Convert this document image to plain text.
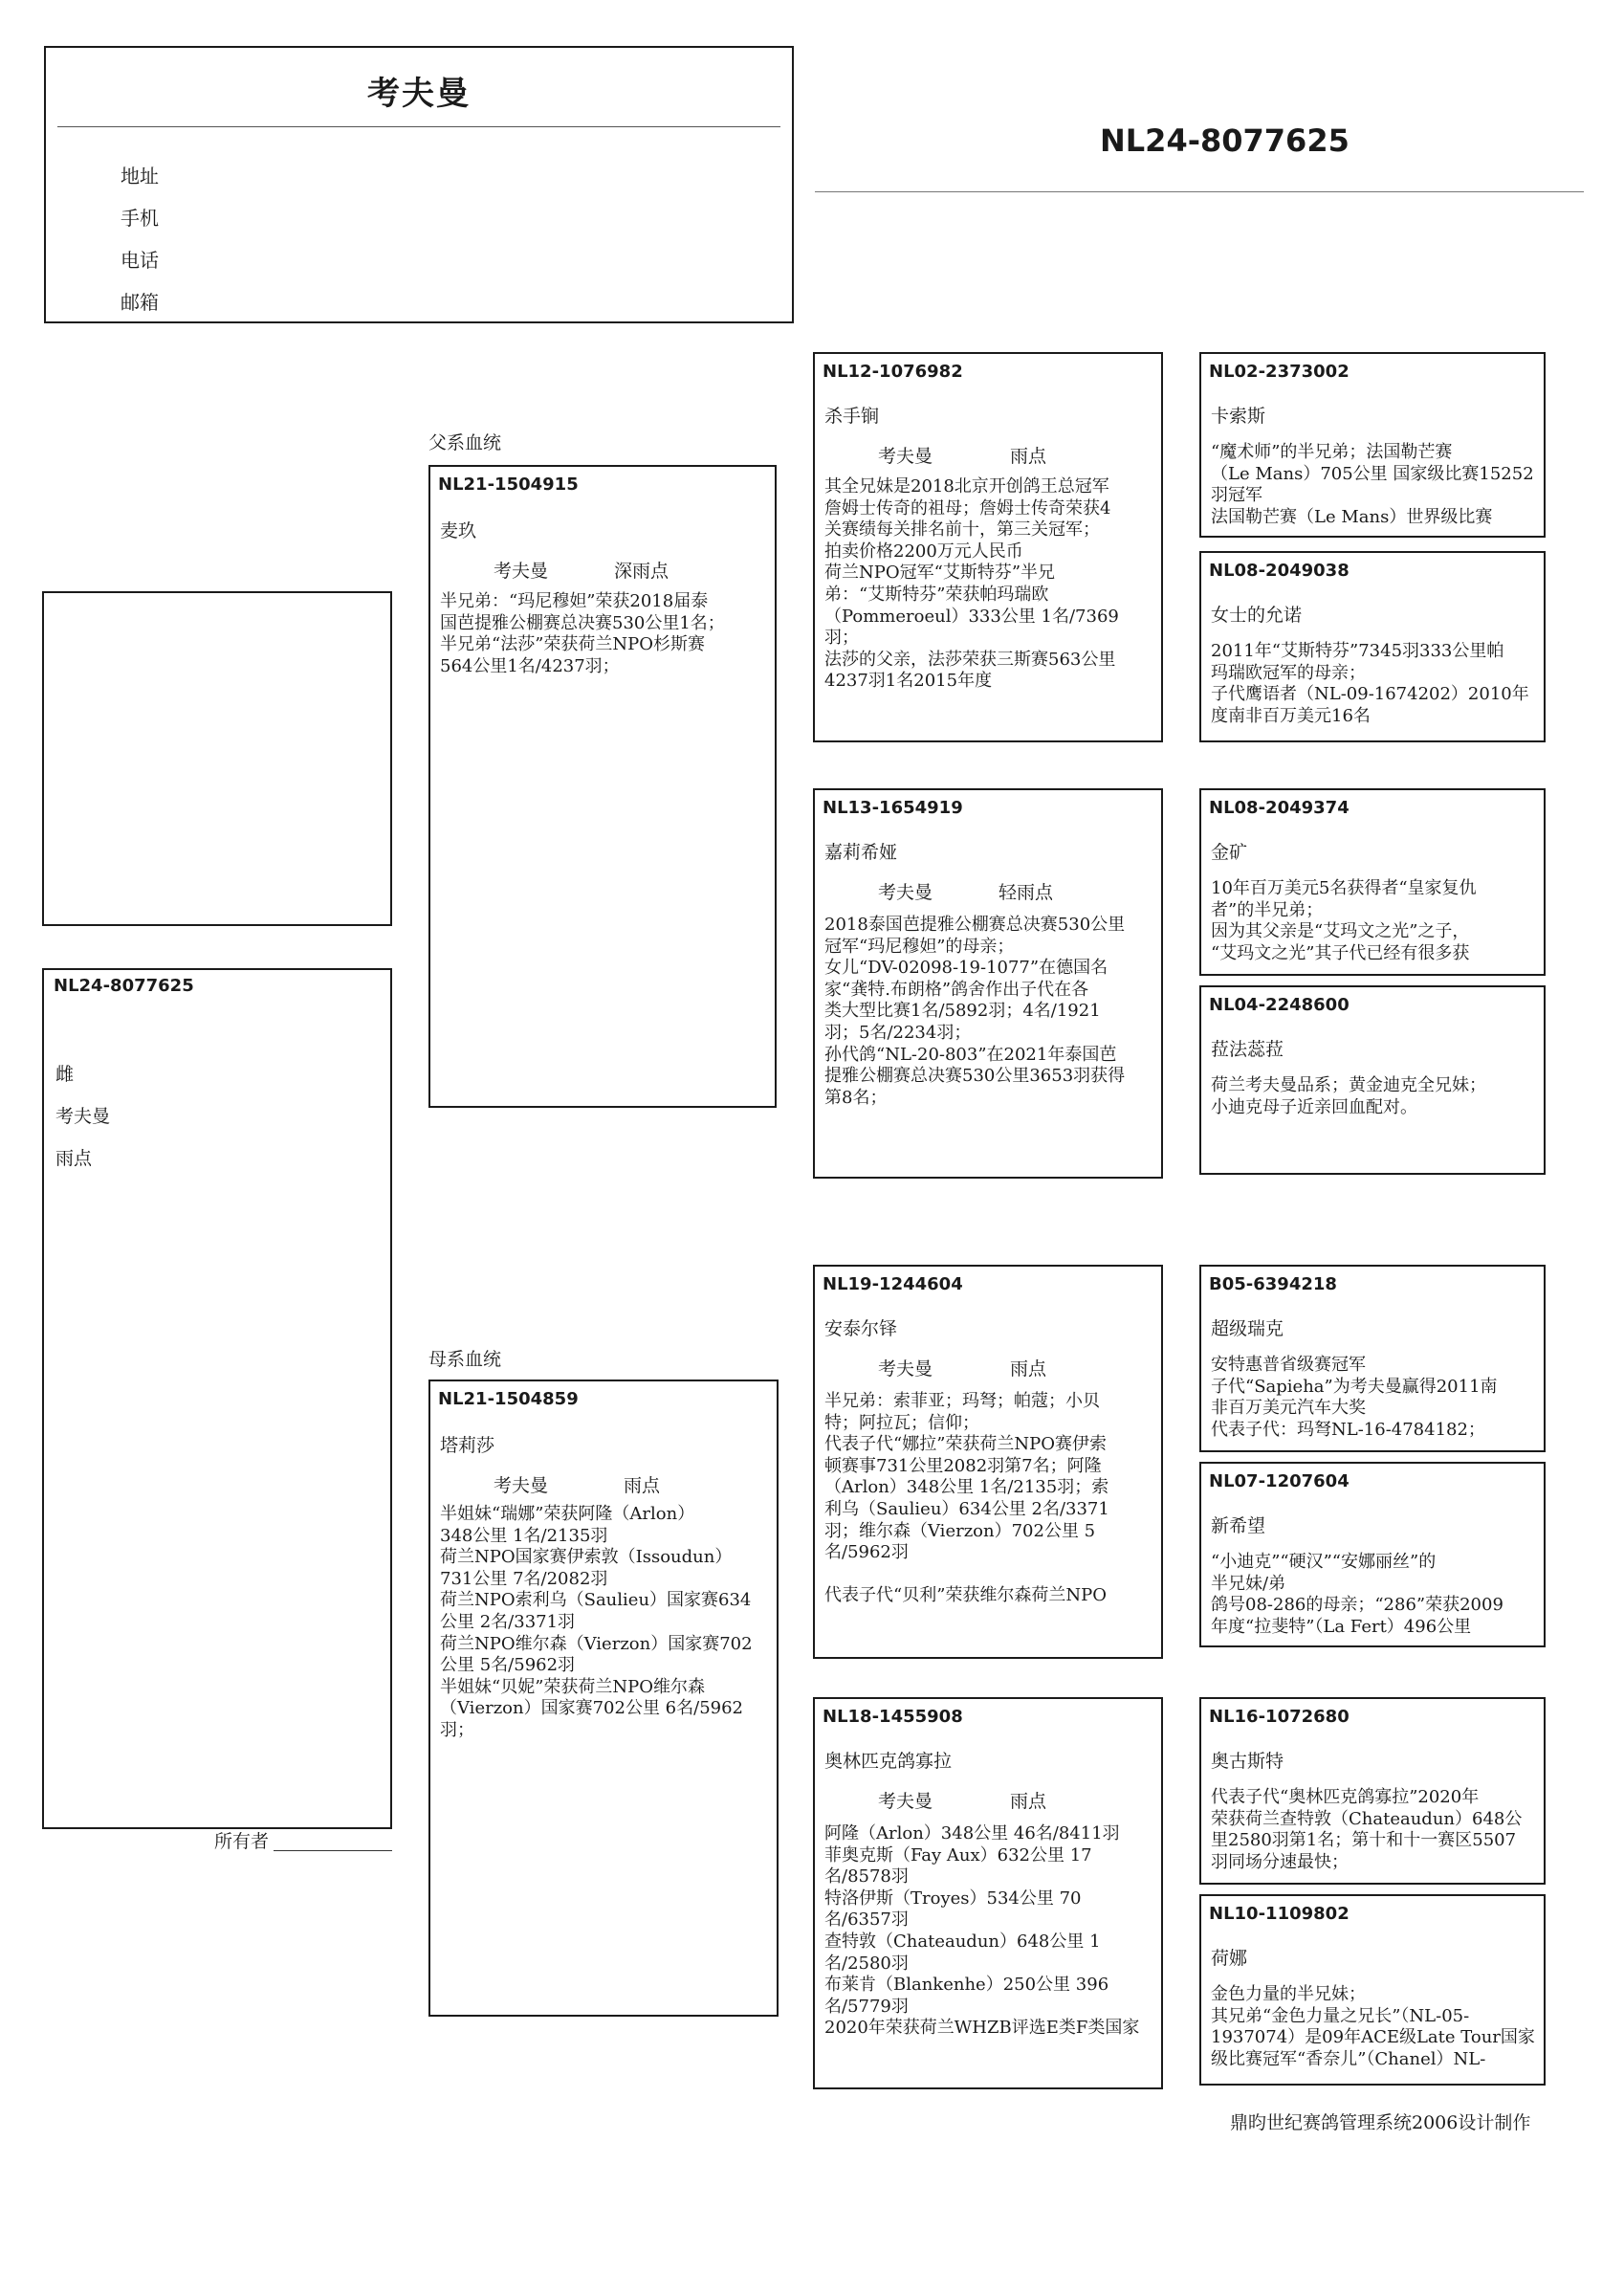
考夫曼
地址
手机
电话
邮箱
NL24-8077625
NL24-8077625
雌
考夫曼
雨点
所有者
父系血统
NL21-1504915
麦玖
考夫曼	深雨点
半兄弟：“玛尼穆妲”荣获2018届泰
国芭提雅公棚赛总决赛530公里1名；
半兄弟“法莎”荣获荷兰NPO杉斯赛
564公里1名/4237羽；
母系血统
NL21-1504859
塔莉莎
考夫曼	雨点
半姐妹“瑞娜”荣获阿隆（Arlon）
348公里 1名/2135羽
荷兰NPO国家赛伊索敦（Issoudun）
731公里 7名/2082羽
荷兰NPO索利乌（Saulieu）国家赛634
公里 2名/3371羽
荷兰NPO维尔森（Vierzon）国家赛702
公里 5名/5962羽
半姐妹“贝妮”荣获荷兰NPO维尔森
（Vierzon）国家赛702公里 6名/5962
羽；
NL12-1076982
杀手锏
考夫曼	雨点
其全兄妹是2018北京开创鸽王总冠军
詹姆士传奇的祖母；詹姆士传奇荣获4
关赛绩每关排名前十，第三关冠军；
拍卖价格2200万元人民币
荷兰NPO冠军“艾斯特芬”半兄
弟：“艾斯特芬”荣获帕玛瑞欧
（Pommeroeul）333公里 1名/7369
羽；
法莎的父亲，法莎荣获三斯赛563公里
4237羽1名2015年度
NL13-1654919
嘉莉希娅
考夫曼	轻雨点
2018泰国芭提雅公棚赛总决赛530公里
冠军“玛尼穆妲”的母亲；
女儿“DV-02098-19-1077”在德国名
家“龚特.布朗格”鸽舍作出子代在各
类大型比赛1名/5892羽；4名/1921
羽；5名/2234羽；
孙代鸽“NL-20-803”在2021年泰国芭
提雅公棚赛总决赛530公里3653羽获得
第8名；
NL19-1244604
安泰尔铎
考夫曼	雨点
半兄弟：索菲亚；玛弩；帕蔻；小贝
特；阿拉瓦；信仰；
代表子代“娜拉”荣获荷兰NPO赛伊索
顿赛事731公里2082羽第7名；阿隆
（Arlon）348公里 1名/2135羽；索
利乌（Saulieu）634公里 2名/3371
羽；维尔森（Vierzon）702公里 5
名/5962羽
代表子代“贝利”荣获维尔森荷兰NPO
NL18-1455908
奥林匹克鸽寡拉
考夫曼	雨点
阿隆（Arlon）348公里 46名/8411羽
菲奥克斯（Fay Aux）632公里 17
名/8578羽
特洛伊斯（Troyes）534公里 70
名/6357羽
查特敦（Chateaudun）648公里 1
名/2580羽
布莱肯（Blankenhe）250公里 396
名/5779羽
2020年荣获荷兰WHZB评选E类F类国家
NL02-2373002
卡索斯
“魔术师”的半兄弟；法国勒芒赛
（Le Mans）705公里 国家级比赛15252
羽冠军
法国勒芒赛（Le Mans）世界级比赛
NL08-2049038
女士的允诺
2011年“艾斯特芬”7345羽333公里帕
玛瑞欧冠军的母亲；
子代鹰语者（NL-09-1674202）2010年
度南非百万美元16名
NL08-2049374
金矿
10年百万美元5名获得者“皇家复仇
者”的半兄弟；
因为其父亲是“艾玛文之光”之子，
“艾玛文之光”其子代已经有很多获
NL04-2248600
菈法蕊菈
荷兰考夫曼品系；黄金迪克全兄妹；
小迪克母子近亲回血配对。
B05-6394218
超级瑞克
安特惠普省级赛冠军
子代“Sapieha”为考夫曼赢得2011南
非百万美元汽车大奖
代表子代：玛弩NL-16-4784182；
NL07-1207604
新希望
“小迪克”“硬汉”“安娜丽丝”的
半兄妹/弟
鸽号08-286的母亲；“286”荣获2009
年度“拉斐特”（La Fert）496公里
NL16-1072680
奥古斯特
代表子代“奥林匹克鸽寡拉”2020年
荣获荷兰查特敦（Chateaudun）648公
里2580羽第1名；第十和十一赛区5507
羽同场分速最快；
NL10-1109802
荷娜
金色力量的半兄妹；
其兄弟“金色力量之兄长”（NL-05-
1937074）是09年ACE级Late Tour国家
级比赛冠军“香奈儿”（Chanel）NL-
鼎昀世纪赛鸽管理系统2006设计制作
